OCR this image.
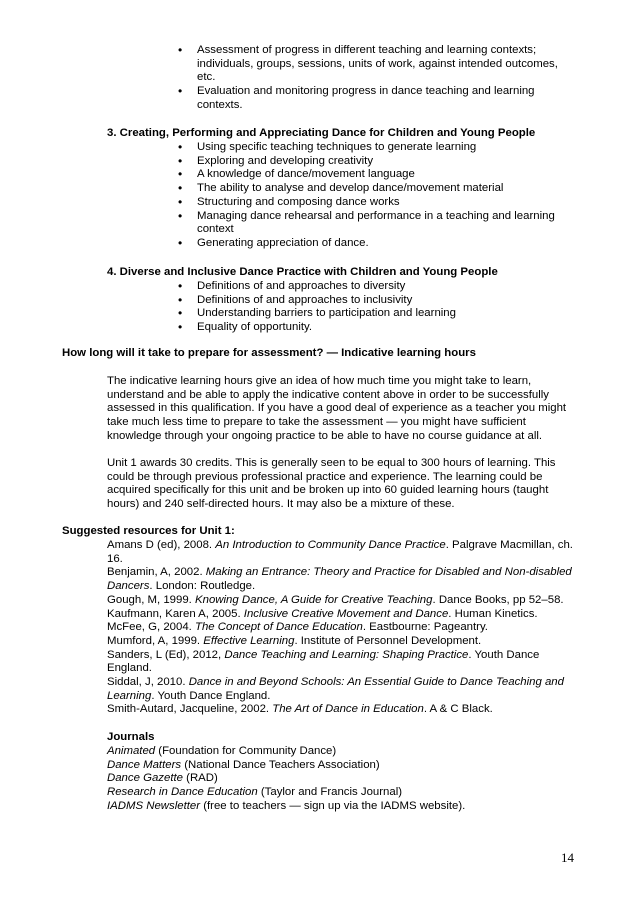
• Assessment of progress in different teaching and learning contexts; individuals, groups, sessions, units of work, against intended outcomes, etc.
• Evaluation and monitoring progress in dance teaching and learning contexts.
3. Creating, Performing and Appreciating Dance for Children and Young People
• Using specific teaching techniques to generate learning
• Exploring and developing creativity
• A knowledge of dance/movement language
• The ability to analyse and develop dance/movement material
• Structuring and composing dance works
• Managing dance rehearsal and performance in a teaching and learning context
• Generating appreciation of dance.
4. Diverse and Inclusive Dance Practice with Children and Young People
• Definitions of and approaches to diversity
• Definitions of and approaches to inclusivity
• Understanding barriers to participation and learning
• Equality of opportunity.
How long will it take to prepare for assessment? — Indicative learning hours

The indicative learning hours give an idea of how much time you might take to learn, understand and be able to apply the indicative content above in order to be successfully assessed in this qualification. If you have a good deal of experience as a teacher you might take much less time to prepare to take the assessment — you might have sufficient knowledge through your ongoing practice to be able to have no course guidance at all.

Unit 1 awards 30 credits. This is generally seen to be equal to 300 hours of learning. This could be through previous professional practice and experience. The learning could be acquired specifically for this unit and be broken up into 60 guided learning hours (taught hours) and 240 self-directed hours. It may also be a mixture of these.

Suggested resources for Unit 1:
Amans D (ed), 2008. An Introduction to Community Dance Practice. Palgrave Macmillan, ch. 16.
Benjamin, A, 2002. Making an Entrance: Theory and Practice for Disabled and Non-disabled Dancers. London: Routledge.
Gough, M, 1999. Knowing Dance, A Guide for Creative Teaching. Dance Books, pp 52–58.
Kaufmann, Karen A, 2005. Inclusive Creative Movement and Dance. Human Kinetics.
McFee, G, 2004. The Concept of Dance Education. Eastbourne: Pageantry.
Mumford, A, 1999. Effective Learning. Institute of Personnel Development.
Sanders, L (Ed), 2012, Dance Teaching and Learning: Shaping Practice. Youth Dance England.
Siddal, J, 2010. Dance in and Beyond Schools: An Essential Guide to Dance Teaching and Learning. Youth Dance England.
Smith-Autard, Jacqueline, 2002. The Art of Dance in Education. A & C Black.
Journals
Animated (Foundation for Community Dance)
Dance Matters (National Dance Teachers Association)
Dance Gazette (RAD)
Research in Dance Education (Taylor and Francis Journal)
IADMS Newsletter (free to teachers — sign up via the IADMS website).
14
